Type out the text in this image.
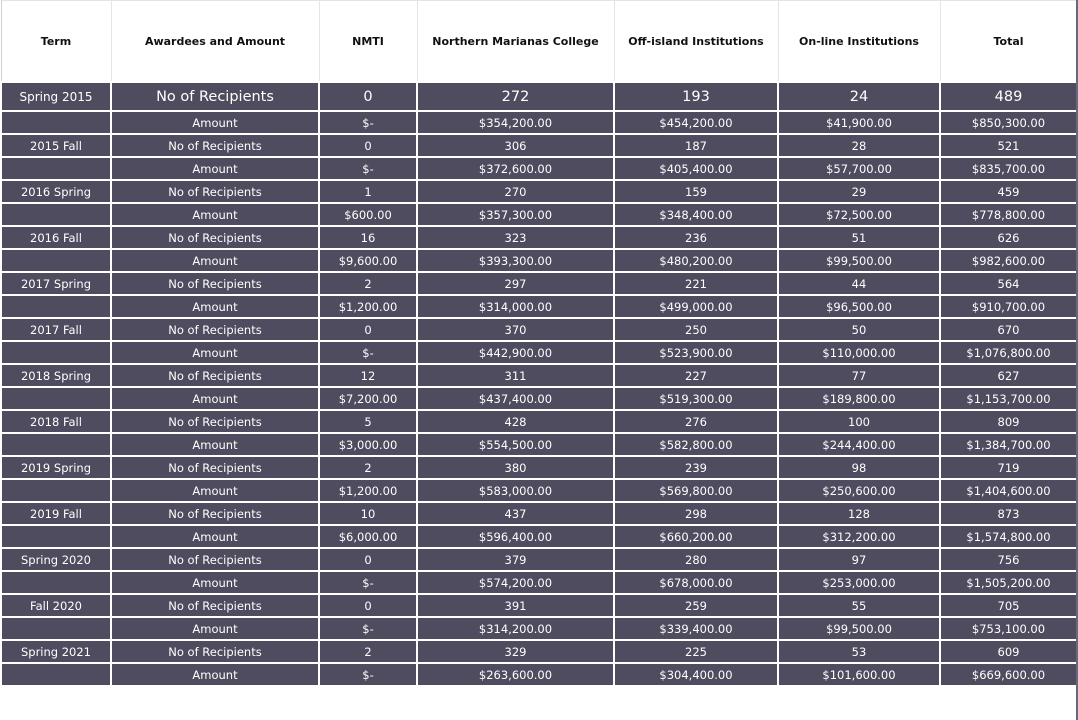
Term	Awardees and Amount	NMTI	Northern Marianas College	Off-island Institutions	On-line Institutions	Total
Spring 2015	No of Recipients	0	272	193	24	489
	Amount	$-	$354,200.00	$454,200.00	$41,900.00	$850,300.00
2015 Fall	No of Recipients	0	306	187	28	521
	Amount	$-	$372,600.00	$405,400.00	$57,700.00	$835,700.00
2016 Spring	No of Recipients	1	270	159	29	459
	Amount	$600.00	$357,300.00	$348,400.00	$72,500.00	$778,800.00
2016 Fall	No of Recipients	16	323	236	51	626
	Amount	$9,600.00	$393,300.00	$480,200.00	$99,500.00	$982,600.00
2017 Spring	No of Recipients	2	297	221	44	564
	Amount	$1,200.00	$314,000.00	$499,000.00	$96,500.00	$910,700.00
2017 Fall	No of Recipients	0	370	250	50	670
	Amount	$-	$442,900.00	$523,900.00	$110,000.00	$1,076,800.00
2018 Spring	No of Recipients	12	311	227	77	627
	Amount	$7,200.00	$437,400.00	$519,300.00	$189,800.00	$1,153,700.00
2018 Fall	No of Recipients	5	428	276	100	809
	Amount	$3,000.00	$554,500.00	$582,800.00	$244,400.00	$1,384,700.00
2019 Spring	No of Recipients	2	380	239	98	719
	Amount	$1,200.00	$583,000.00	$569,800.00	$250,600.00	$1,404,600.00
2019 Fall	No of Recipients	10	437	298	128	873
	Amount	$6,000.00	$596,400.00	$660,200.00	$312,200.00	$1,574,800.00
Spring 2020	No of Recipients	0	379	280	97	756
	Amount	$-	$574,200.00	$678,000.00	$253,000.00	$1,505,200.00
Fall 2020	No of Recipients	0	391	259	55	705
	Amount	$-	$314,200.00	$339,400.00	$99,500.00	$753,100.00
Spring 2021	No of Recipients	2	329	225	53	609
	Amount	$-	$263,600.00	$304,400.00	$101,600.00	$669,600.00
